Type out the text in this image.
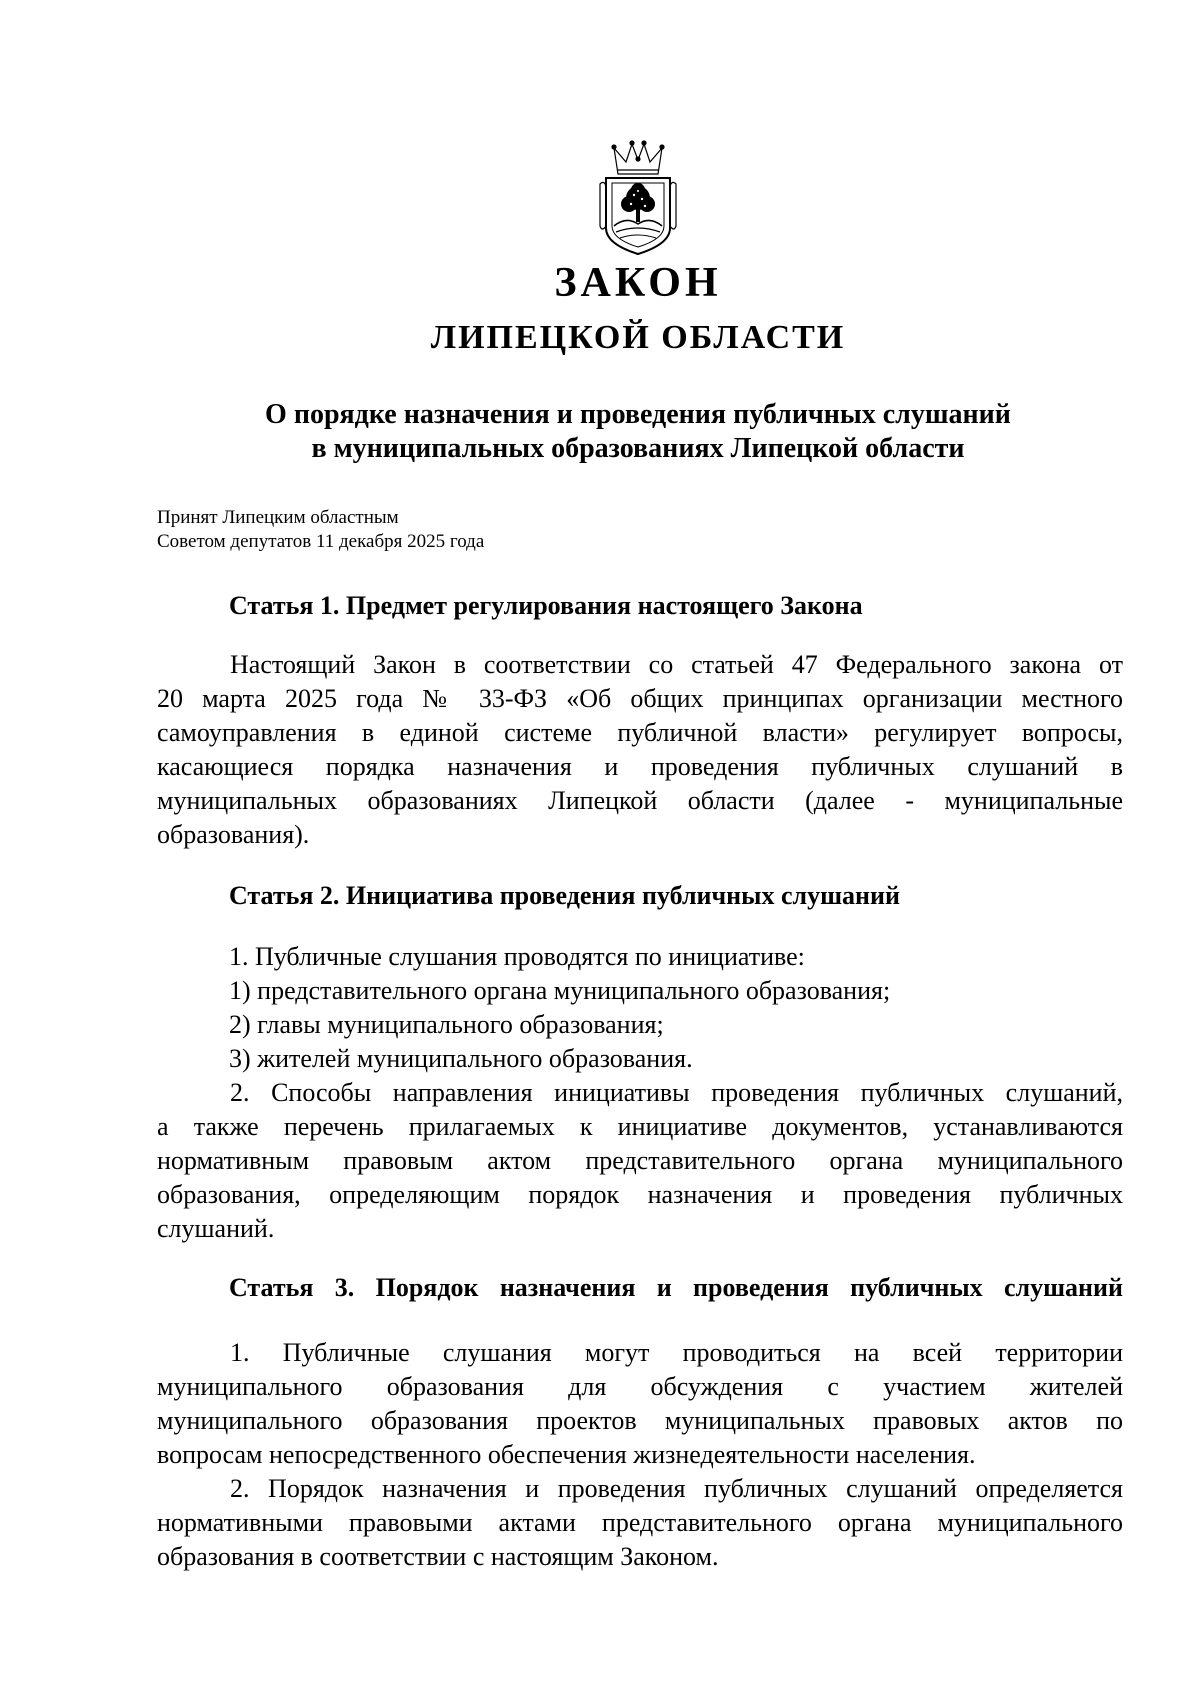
ЗАКОН
ЛИПЕЦКОЙ ОБЛАСТИ
О порядке назначения и проведения публичных слушаний
в муниципальных образованиях Липецкой области
Принят Липецким областным
Советом депутатов 11 декабря 2025 года
Статья 1. Предмет регулирования настоящего Закона
Настоящий Закон в соответствии со статьей 47 Федерального закона от
20 марта 2025 года № 33-ФЗ «Об общих принципах организации местного
самоуправления в единой системе публичной власти» регулирует вопросы,
касающиеся порядка назначения и проведения публичных слушаний в
муниципальных образованиях Липецкой области (далее - муниципальные
образования).
Статья 2. Инициатива проведения публичных слушаний
1. Публичные слушания проводятся по инициативе:
1) представительного органа муниципального образования;
2) главы муниципального образования;
3) жителей муниципального образования.
2. Способы направления инициативы проведения публичных слушаний,
а также перечень прилагаемых к инициативе документов, устанавливаются
нормативным правовым актом представительного органа муниципального
образования, определяющим порядок назначения и проведения публичных
слушаний.
Статья 3. Порядок назначения и проведения публичных слушаний
1. Публичные слушания могут проводиться на всей территории
муниципального образования для обсуждения с участием жителей
муниципального образования проектов муниципальных правовых актов по
вопросам непосредственного обеспечения жизнедеятельности населения.
2. Порядок назначения и проведения публичных слушаний определяется
нормативными правовыми актами представительного органа муниципального
образования в соответствии с настоящим Законом.
